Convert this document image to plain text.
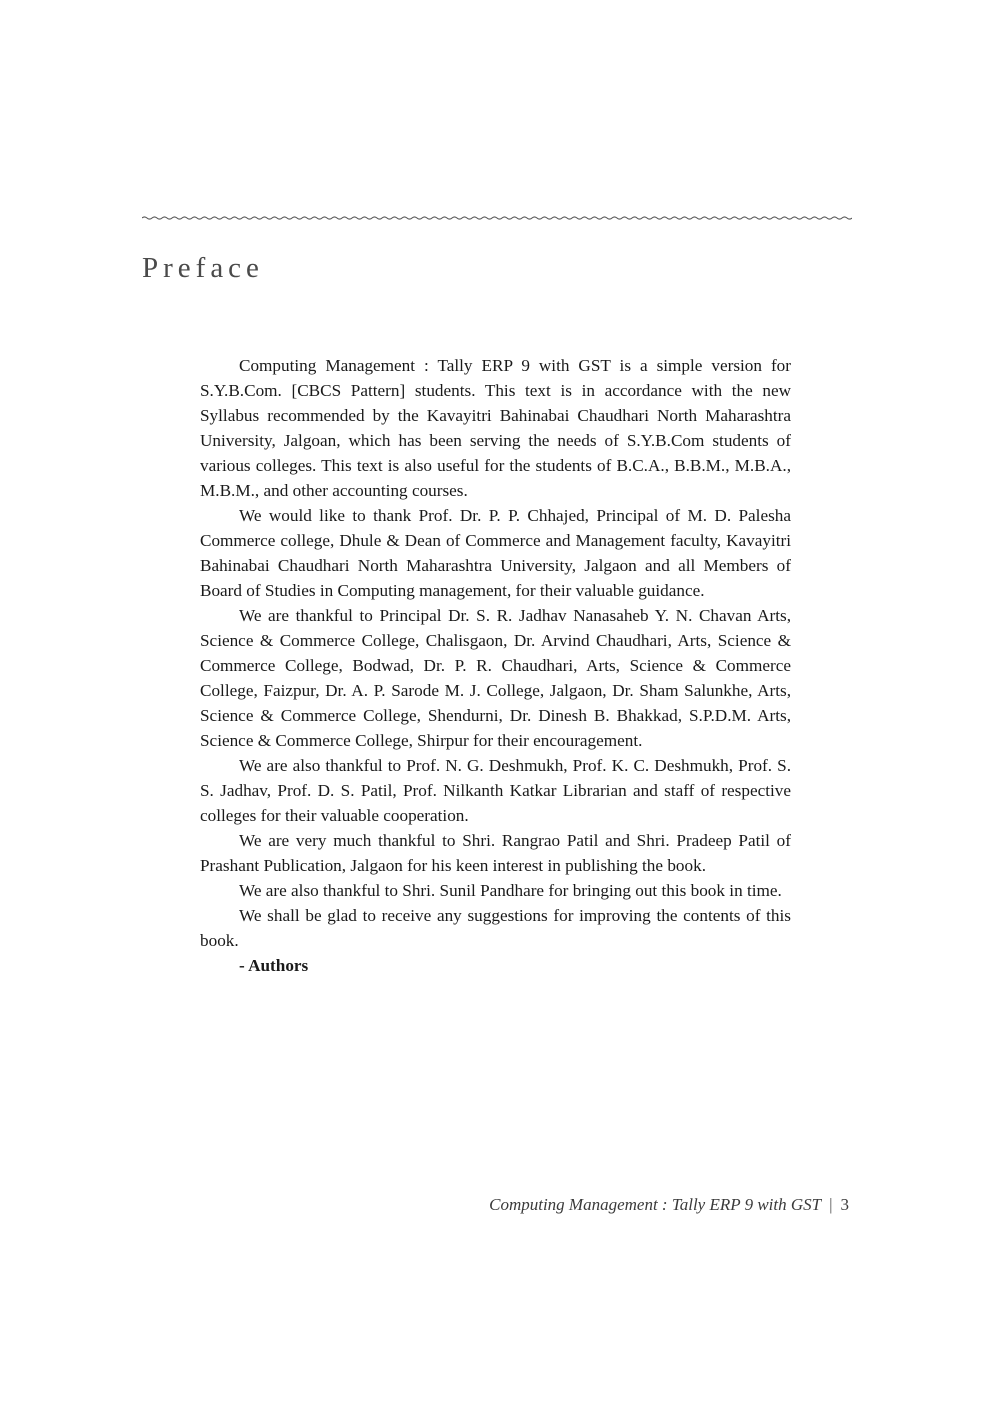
Preface

Computing Management : Tally ERP 9 with GST is a simple version for S.Y.B.Com. [CBCS Pattern] students. This text is in accordance with the new Syllabus recommended by the Kavayitri Bahinabai Chaudhari North Maharashtra University, Jalgoan, which has been serving the needs of S.Y.B.Com students of various colleges. This text is also useful for the students of B.C.A., B.B.M., M.B.A., M.B.M., and other accounting courses.

We would like to thank Prof. Dr. P. P. Chhajed, Principal of M. D. Palesha Commerce college, Dhule & Dean of Commerce and Management faculty, Kavayitri Bahinabai Chaudhari North Maharashtra University, Jalgaon and all Members of Board of Studies in Computing management, for their valuable guidance.

We are thankful to Principal Dr. S. R. Jadhav Nanasaheb Y. N. Chavan Arts, Science & Commerce College, Chalisgaon, Dr. Arvind Chaudhari, Arts, Science & Commerce College, Bodwad, Dr. P. R. Chaudhari, Arts, Science & Commerce College, Faizpur, Dr. A. P. Sarode M. J. College, Jalgaon, Dr. Sham Salunkhe, Arts, Science & Commerce College, Shendurni, Dr. Dinesh B. Bhakkad, S.P.D.M. Arts, Science & Commerce College, Shirpur for their encouragement.

We are also thankful to Prof. N. G. Deshmukh, Prof. K. C. Deshmukh, Prof. S. S. Jadhav, Prof. D. S. Patil, Prof. Nilkanth Katkar Librarian and staff of respective colleges for their valuable cooperation.

We are very much thankful to Shri. Rangrao Patil and Shri. Pradeep Patil of Prashant Publication, Jalgaon for his keen interest in publishing the book.

We are also thankful to Shri. Sunil Pandhare for bringing out this book in time.

We shall be glad to receive any suggestions for improving the contents of this book.

- Authors

Computing Management : Tally ERP 9 with GST | 3
